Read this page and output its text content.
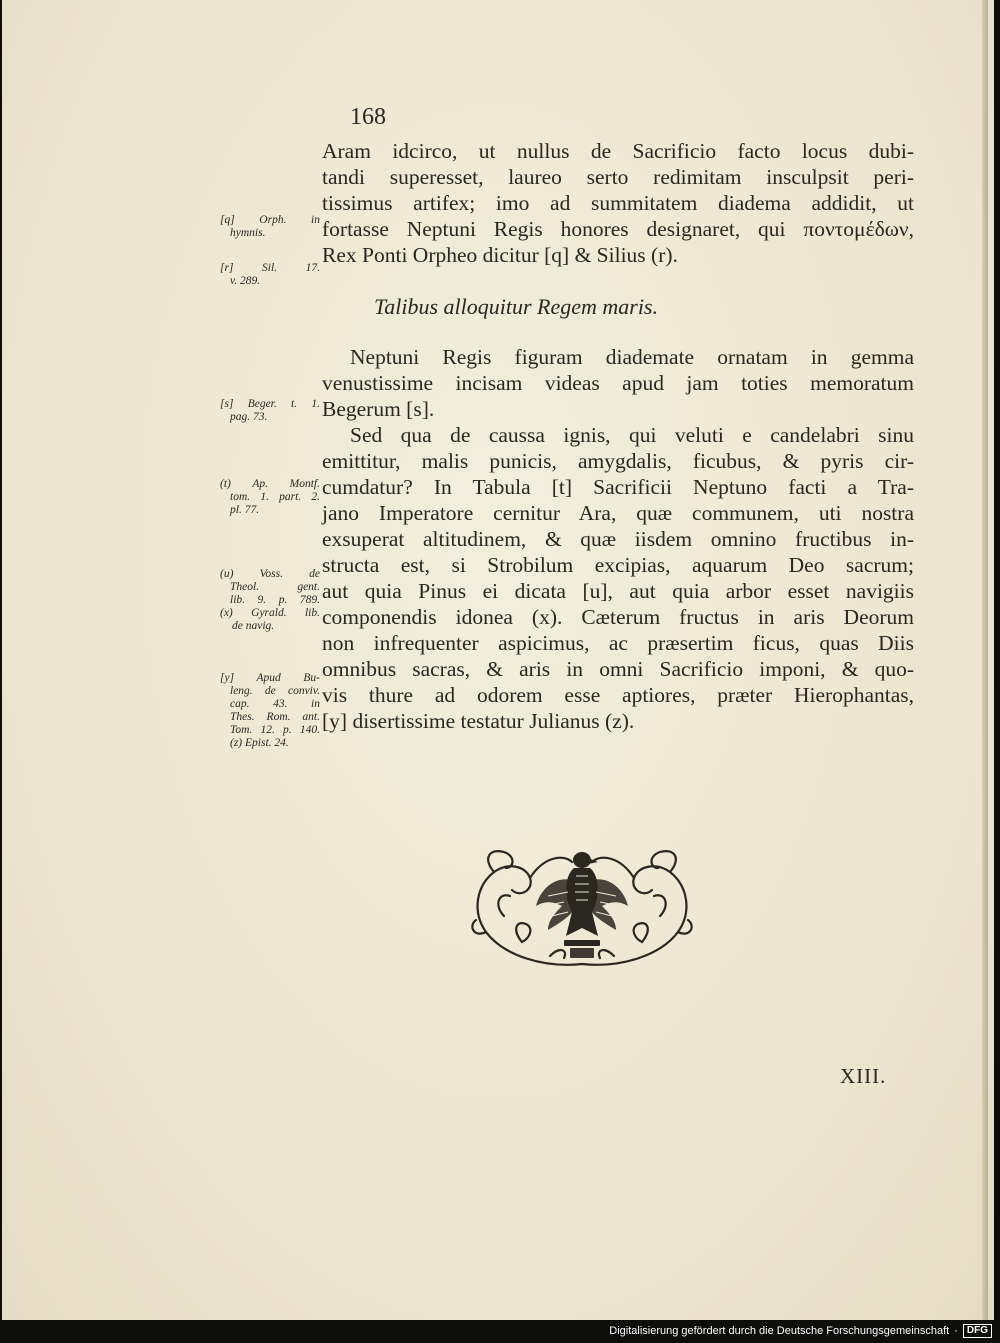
168
Aram idcirco, ut nullus de Sacrificio facto locus dubi-
tandi superesset, laureo serto redimitam insculpsit peri-
tissimus artifex; imo ad summitatem diadema addidit, ut
fortasse Neptuni Regis honores designaret, qui ποντομέδων,
Rex Ponti Orpheo dicitur [q] & Silius (r).
Talibus alloquitur Regem maris.
Neptuni Regis figuram diademate ornatam in gemma
venustissime incisam videas apud jam toties memoratum
Begerum [s].
Sed qua de caussa ignis, qui veluti e candelabri sinu
emittitur, malis punicis, amygdalis, ficubus, & pyris cir-
cumdatur? In Tabula [t] Sacrificii Neptuno facti a Tra-
jano Imperatore cernitur Ara, quæ communem, uti nostra
exsuperat altitudinem, & quæ iisdem omnino fructibus in-
structa est, si Strobilum excipias, aquarum Deo sacrum;
aut quia Pinus ei dicata [u], aut quia arbor esset navigiis
componendis idonea (x). Cæterum fructus in aris Deorum
non infrequenter aspicimus, ac præsertim ficus, quas Diis
omnibus sacras, & aris in omni Sacrificio imponi, & quo-
vis thure ad odorem esse aptiores, præter Hierophantas,
[y] disertissime testatur Julianus (z).
[q] Orph. in
hymnis.
[r] Sil. 17.
v. 289.
[s] Beger. t. 1.
pag. 73.
(t) Ap. Montf.
tom. 1. part. 2.
pl. 77.
(u) Voss. de
Theol. gent.
lib. 9. p. 789.
(x) Gyrald. lib.
de navig.
[y] Apud Bu-
leng. de conviv.
cap. 43. in
Thes. Rom. ant.
Tom. 12. p. 140.
(z) Epist. 24.
XIII.
Digitalisierung gefördert durch die Deutsche Forschungsgemeinschaft · DFG
